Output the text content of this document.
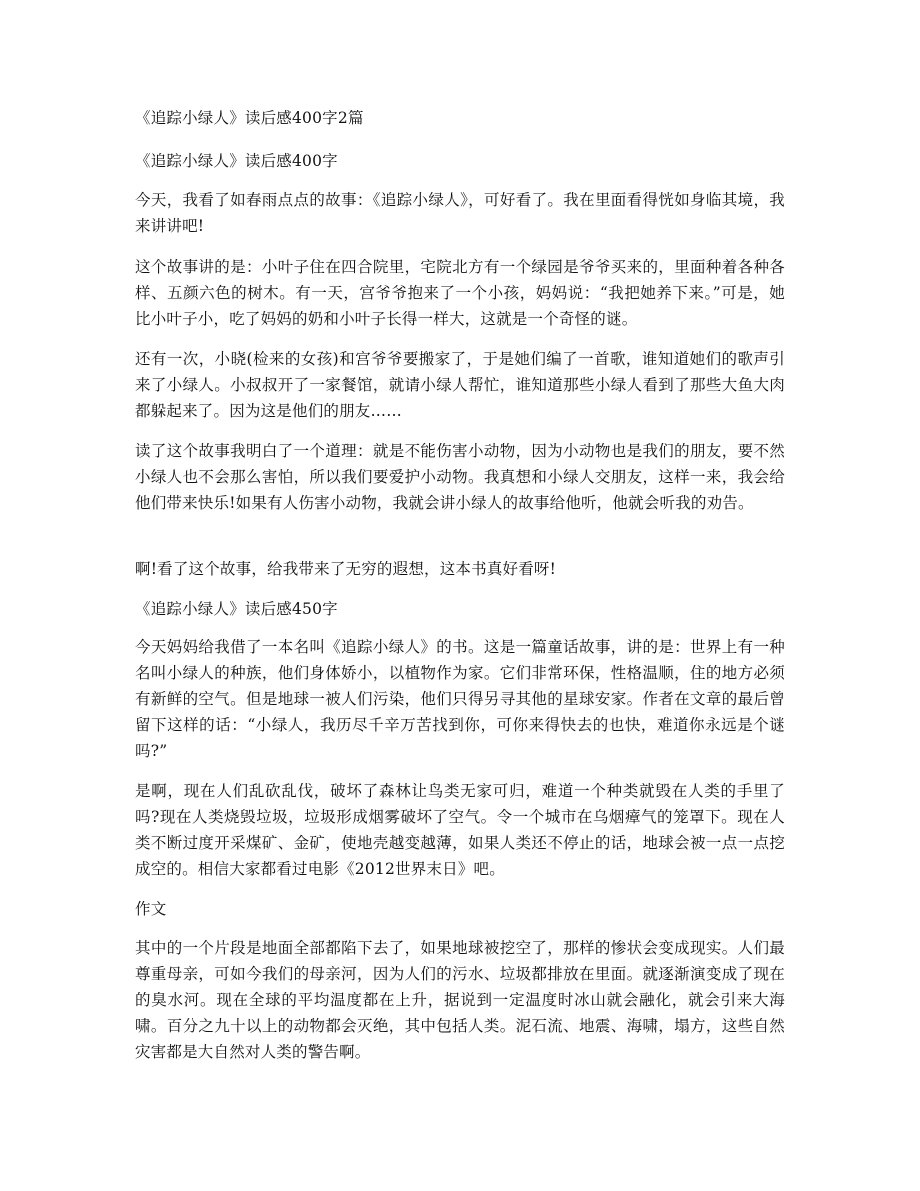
《追踪小绿人》读后感400字2篇

《追踪小绿人》读后感400字

今天，我看了如春雨点点的故事：《追踪小绿人》，可好看了。我在里面看得恍如身临其境，我来讲讲吧!

这个故事讲的是：小叶子住在四合院里，宅院北方有一个绿园是爷爷买来的，里面种着各种各样、五颜六色的树木。有一天，宫爷爷抱来了一个小孩，妈妈说：“我把她养下来。”可是，她比小叶子小，吃了妈妈的奶和小叶子长得一样大，这就是一个奇怪的谜。

还有一次，小晓(检来的女孩)和宫爷爷要搬家了，于是她们编了一首歌，谁知道她们的歌声引来了小绿人。小叔叔开了一家餐馆，就请小绿人帮忙，谁知道那些小绿人看到了那些大鱼大肉都躲起来了。因为这是他们的朋友……

读了这个故事我明白了一个道理：就是不能伤害小动物，因为小动物也是我们的朋友，要不然小绿人也不会那么害怕，所以我们要爱护小动物。我真想和小绿人交朋友，这样一来，我会给他们带来快乐!如果有人伤害小动物，我就会讲小绿人的故事给他听，他就会听我的劝告。

啊!看了这个故事，给我带来了无穷的遐想，这本书真好看呀!

《追踪小绿人》读后感450字

今天妈妈给我借了一本名叫《追踪小绿人》的书。这是一篇童话故事，讲的是：世界上有一种名叫小绿人的种族，他们身体娇小，以植物作为家。它们非常环保，性格温顺，住的地方必须有新鲜的空气。但是地球一被人们污染，他们只得另寻其他的星球安家。作者在文章的最后曾留下这样的话：“小绿人，我历尽千辛万苦找到你，可你来得快去的也快，难道你永远是个谜吗?”

是啊，现在人们乱砍乱伐，破坏了森林让鸟类无家可归，难道一个种类就毁在人类的手里了吗?现在人类烧毁垃圾，垃圾形成烟雾破坏了空气。令一个城市在乌烟瘴气的笼罩下。现在人类不断过度开采煤矿、金矿，使地壳越变越薄，如果人类还不停止的话，地球会被一点一点挖成空的。相信大家都看过电影《2012世界末日》吧。

作文

其中的一个片段是地面全部都陷下去了，如果地球被挖空了，那样的惨状会变成现实。人们最尊重母亲，可如今我们的母亲河，因为人们的污水、垃圾都排放在里面。就逐渐演变成了现在的臭水河。现在全球的平均温度都在上升，据说到一定温度时冰山就会融化，就会引来大海啸。百分之九十以上的动物都会灭绝，其中包括人类。泥石流、地震、海啸，塌方，这些自然灾害都是大自然对人类的警告啊。
